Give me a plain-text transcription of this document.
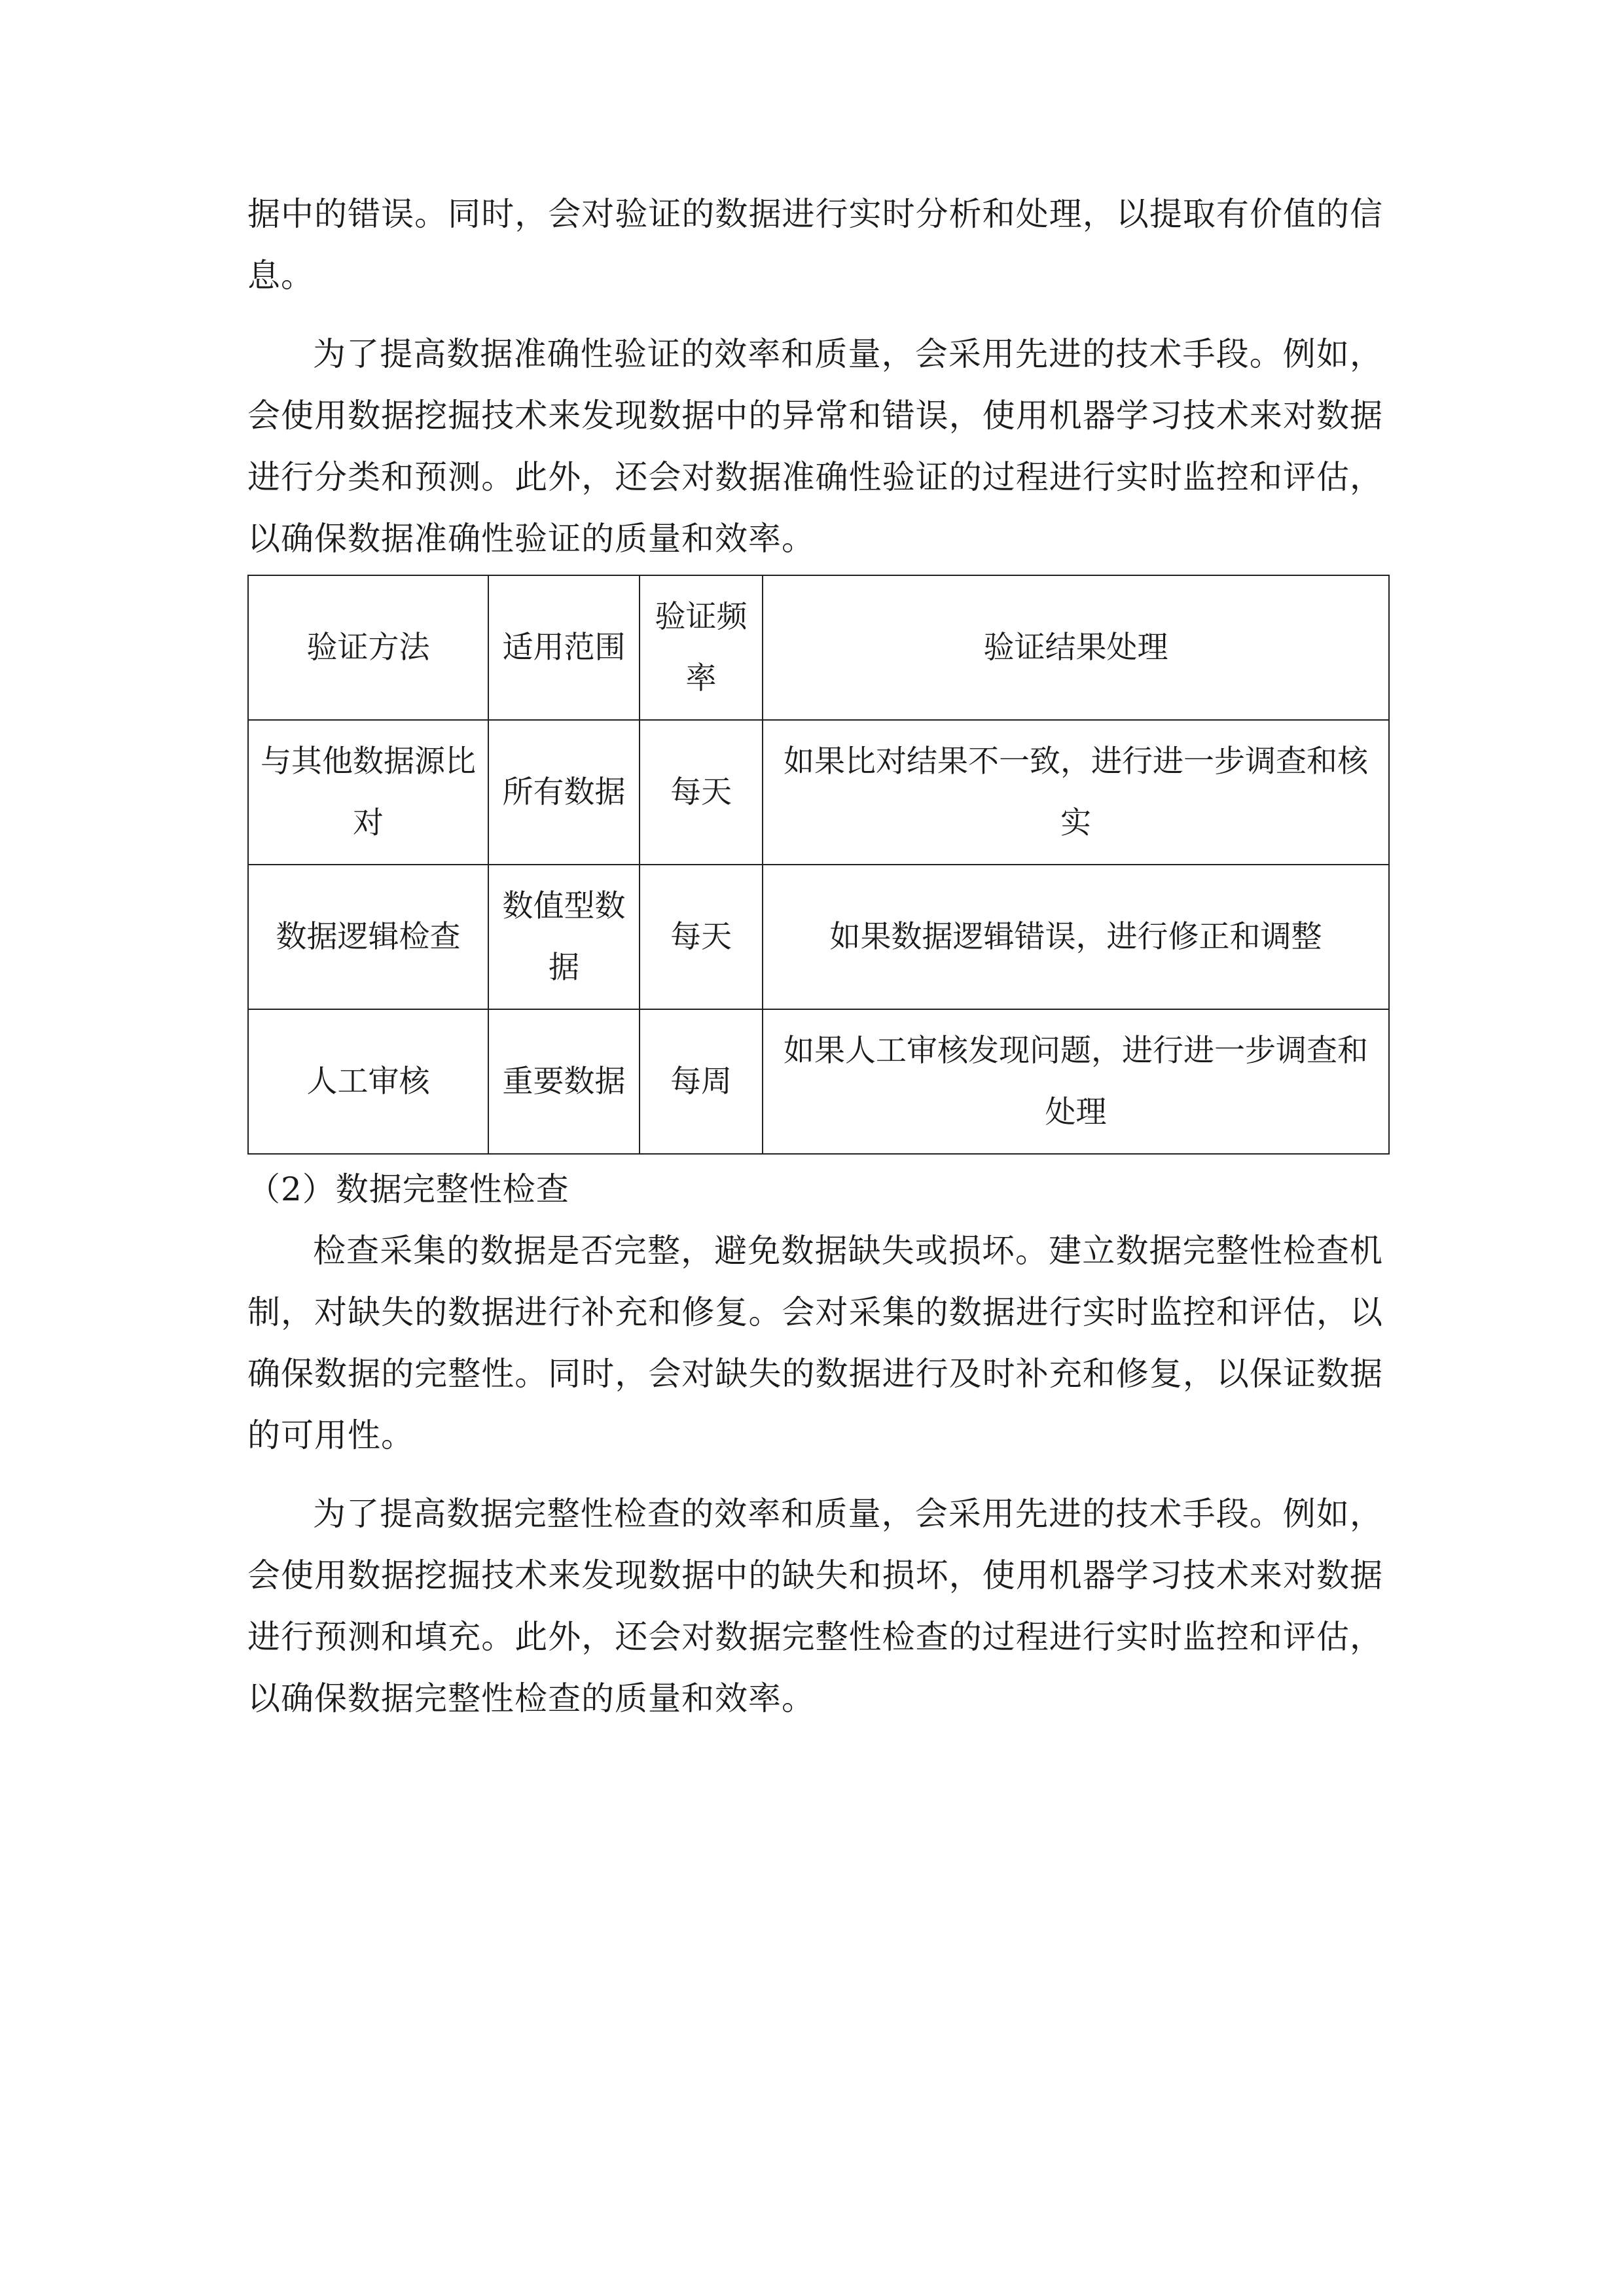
据中的错误。同时，会对验证的数据进行实时分析和处理，以提取有价值的信息。

为了提高数据准确性验证的效率和质量，会采用先进的技术手段。例如，会使用数据挖掘技术来发现数据中的异常和错误，使用机器学习技术来对数据进行分类和预测。此外，还会对数据准确性验证的过程进行实时监控和评估，以确保数据准确性验证的质量和效率。

验证方法	适用范围	验证频率	验证结果处理
与其他数据源比对	所有数据	每天	如果比对结果不一致，进行进一步调查和核实
数据逻辑检查	数值型数据	每天	如果数据逻辑错误，进行修正和调整
人工审核	重要数据	每周	如果人工审核发现问题，进行进一步调查和处理

（2）数据完整性检查

检查采集的数据是否完整，避免数据缺失或损坏。建立数据完整性检查机制，对缺失的数据进行补充和修复。会对采集的数据进行实时监控和评估，以确保数据的完整性。同时，会对缺失的数据进行及时补充和修复，以保证数据的可用性。

为了提高数据完整性检查的效率和质量，会采用先进的技术手段。例如，会使用数据挖掘技术来发现数据中的缺失和损坏，使用机器学习技术来对数据进行预测和填充。此外，还会对数据完整性检查的过程进行实时监控和评估，以确保数据完整性检查的质量和效率。
